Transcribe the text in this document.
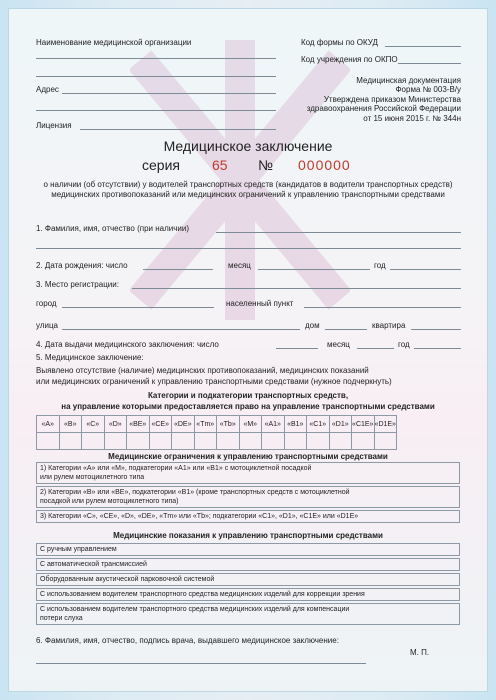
Наименование медицинской организации
Адрес
Лицензия
Код формы по ОКУД
Код учреждения по ОКПО
Медицинская документация
Форма № 003-В/у
Утверждена приказом Министерства
здравоохранения Российской Федерации
от 15 июня 2015 г. № 344н
Медицинское заключение
серия 65 № 000000
о наличии (об отсутствии) у водителей транспортных средств (кандидатов в водители транспортных средств)
медицинских противопоказаний или медицинских ограничений к управлению транспортными средствами
1. Фамилия, имя, отчество (при наличии)
2. Дата рождения: число	месяц	год
3. Место регистрации:
город	населенный пункт
улица	дом	квартира
4. Дата выдачи медицинского заключения: число	месяц	год
5. Медицинское заключение:
Выявлено отсутствие (наличие) медицинских противопоказаний, медицинских показаний
или медицинских ограничений к управлению транспортными средствами (нужное подчеркнуть)
Категории и подкатегории транспортных средств,
на управление которыми предоставляется право на управление транспортными средствами
«A»	«B»	«C»	«D»	«BE»	«CE»	«DE»	«Tm»	«Tb»	«M»	«A1»	«B1»	«C1»	«D1»	«C1E»	«D1E»

Медицинские ограничения к управлению транспортными средствами
1) Категории «A» или «M», подкатегории «A1» или «B1» с мотоциклетной посадкой
или рулем мотоциклетного типа
2) Категории «B» или «BE», подкатегории «B1» (кроме транспортных средств с мотоциклетной
посадкой или рулем мотоциклетного типа)
3) Категории «C», «CE», «D», «DE», «Tm» или «Tb»; подкатегории «C1», «D1», «C1E» или «D1E»
Медицинские показания к управлению транспортными средствами
С ручным управлением
С автоматической трансмиссией
Оборудованным акустической парковочной системой
С использованием водителем транспортного средства медицинских изделий для коррекции зрения
С использованием водителем транспортного средства медицинских изделий для компенсации
потери слуха
6. Фамилия, имя, отчество, подпись врача, выдавшего медицинское заключение:
М. П.
